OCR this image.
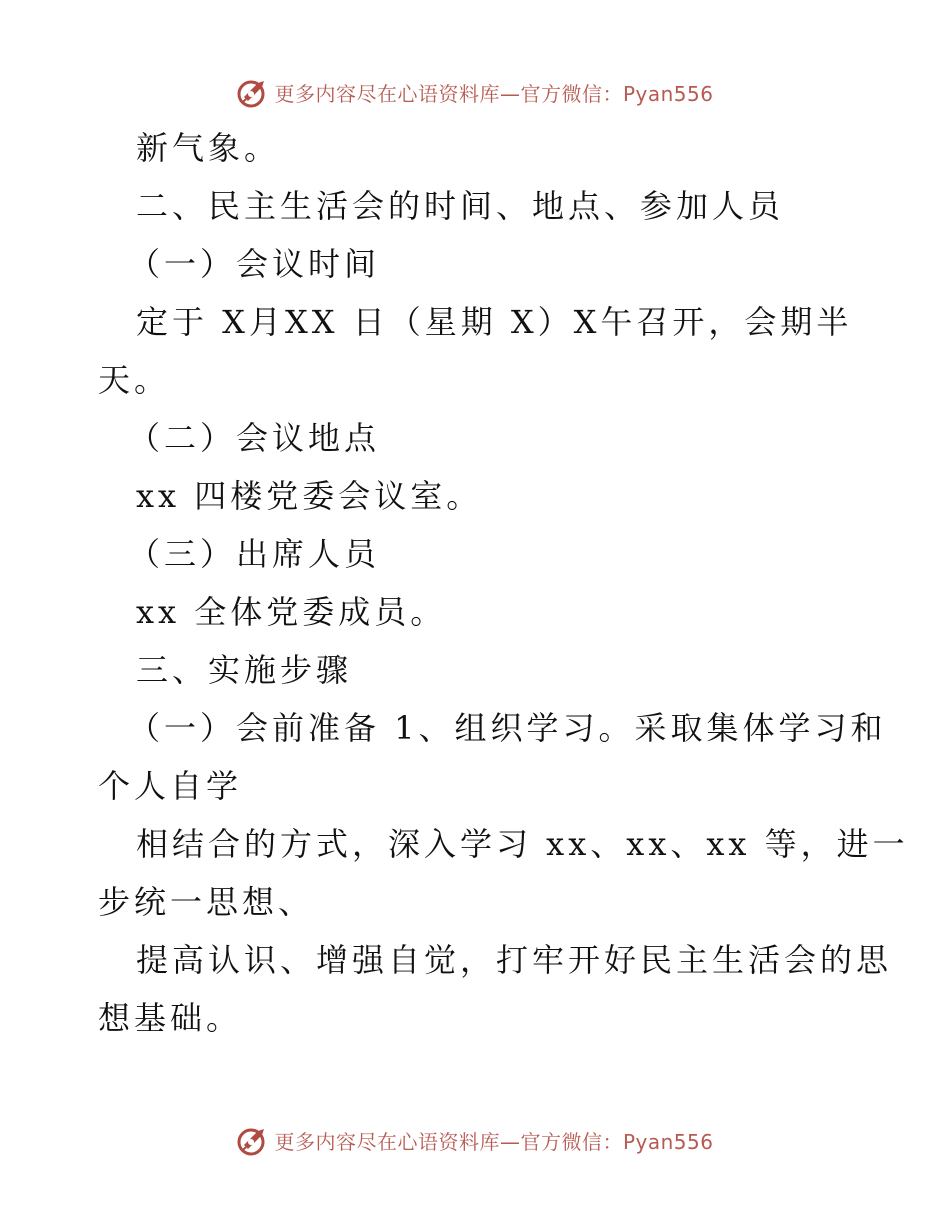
更多内容尽在心语资料库—官方微信：Pyan556
新气象。
二、民主生活会的时间、地点、参加人员
（一）会议时间
定于 X月XX 日（星期 X）X午召开，会期半
天。
（二）会议地点
xx 四楼党委会议室。
（三）出席人员
xx 全体党委成员。
三、实施步骤
（一）会前准备 1、组织学习。采取集体学习和
个人自学
相结合的方式，深入学习 xx、xx、xx 等，进一
步统一思想、
提高认识、增强自觉，打牢开好民主生活会的思
想基础。
更多内容尽在心语资料库—官方微信：Pyan556
